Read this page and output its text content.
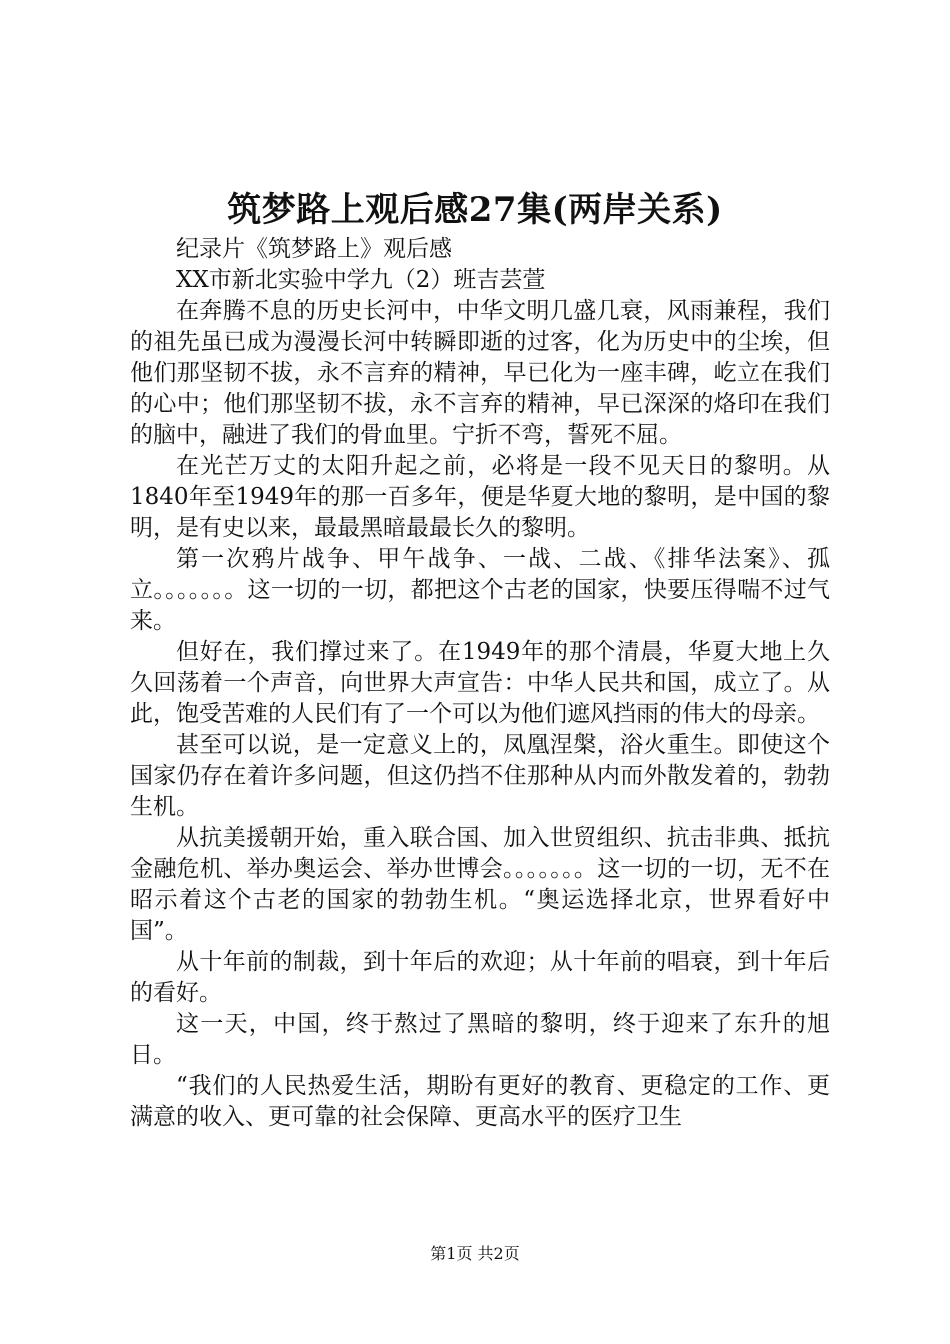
筑梦路上观后感27集(两岸关系)

纪录片《筑梦路上》观后感

XX市新北实验中学九（2）班吉芸萱

在奔腾不息的历史长河中，中华文明几盛几衰，风雨兼程，我们的祖先虽已成为漫漫长河中转瞬即逝的过客，化为历史中的尘埃，但他们那坚韧不拔，永不言弃的精神，早已化为一座丰碑，屹立在我们的心中；他们那坚韧不拔，永不言弃的精神，早已深深的烙印在我们的脑中，融进了我们的骨血里。宁折不弯，誓死不屈。

在光芒万丈的太阳升起之前，必将是一段不见天日的黎明。从1840年至1949年的那一百多年，便是华夏大地的黎明，是中国的黎明，是有史以来，最最黑暗最最长久的黎明。

第一次鸦片战争、甲午战争、一战、二战、《排华法案》、孤立。。。。。。。这一切的一切，都把这个古老的国家，快要压得喘不过气来。

但好在，我们撑过来了。在1949年的那个清晨，华夏大地上久久回荡着一个声音，向世界大声宣告：中华人民共和国，成立了。从此，饱受苦难的人民们有了一个可以为他们遮风挡雨的伟大的母亲。

甚至可以说，是一定意义上的，凤凰涅槃，浴火重生。即使这个国家仍存在着许多问题，但这仍挡不住那种从内而外散发着的，勃勃生机。

从抗美援朝开始，重入联合国、加入世贸组织、抗击非典、抵抗金融危机、举办奥运会、举办世博会。。。。。。。这一切的一切，无不在昭示着这个古老的国家的勃勃生机。“奥运选择北京，世界看好中国”。

从十年前的制裁，到十年后的欢迎；从十年前的唱衰，到十年后的看好。

这一天，中国，终于熬过了黑暗的黎明，终于迎来了东升的旭日。

“我们的人民热爱生活，期盼有更好的教育、更稳定的工作、更满意的收入、更可靠的社会保障、更高水平的医疗卫生

第1页 共2页
